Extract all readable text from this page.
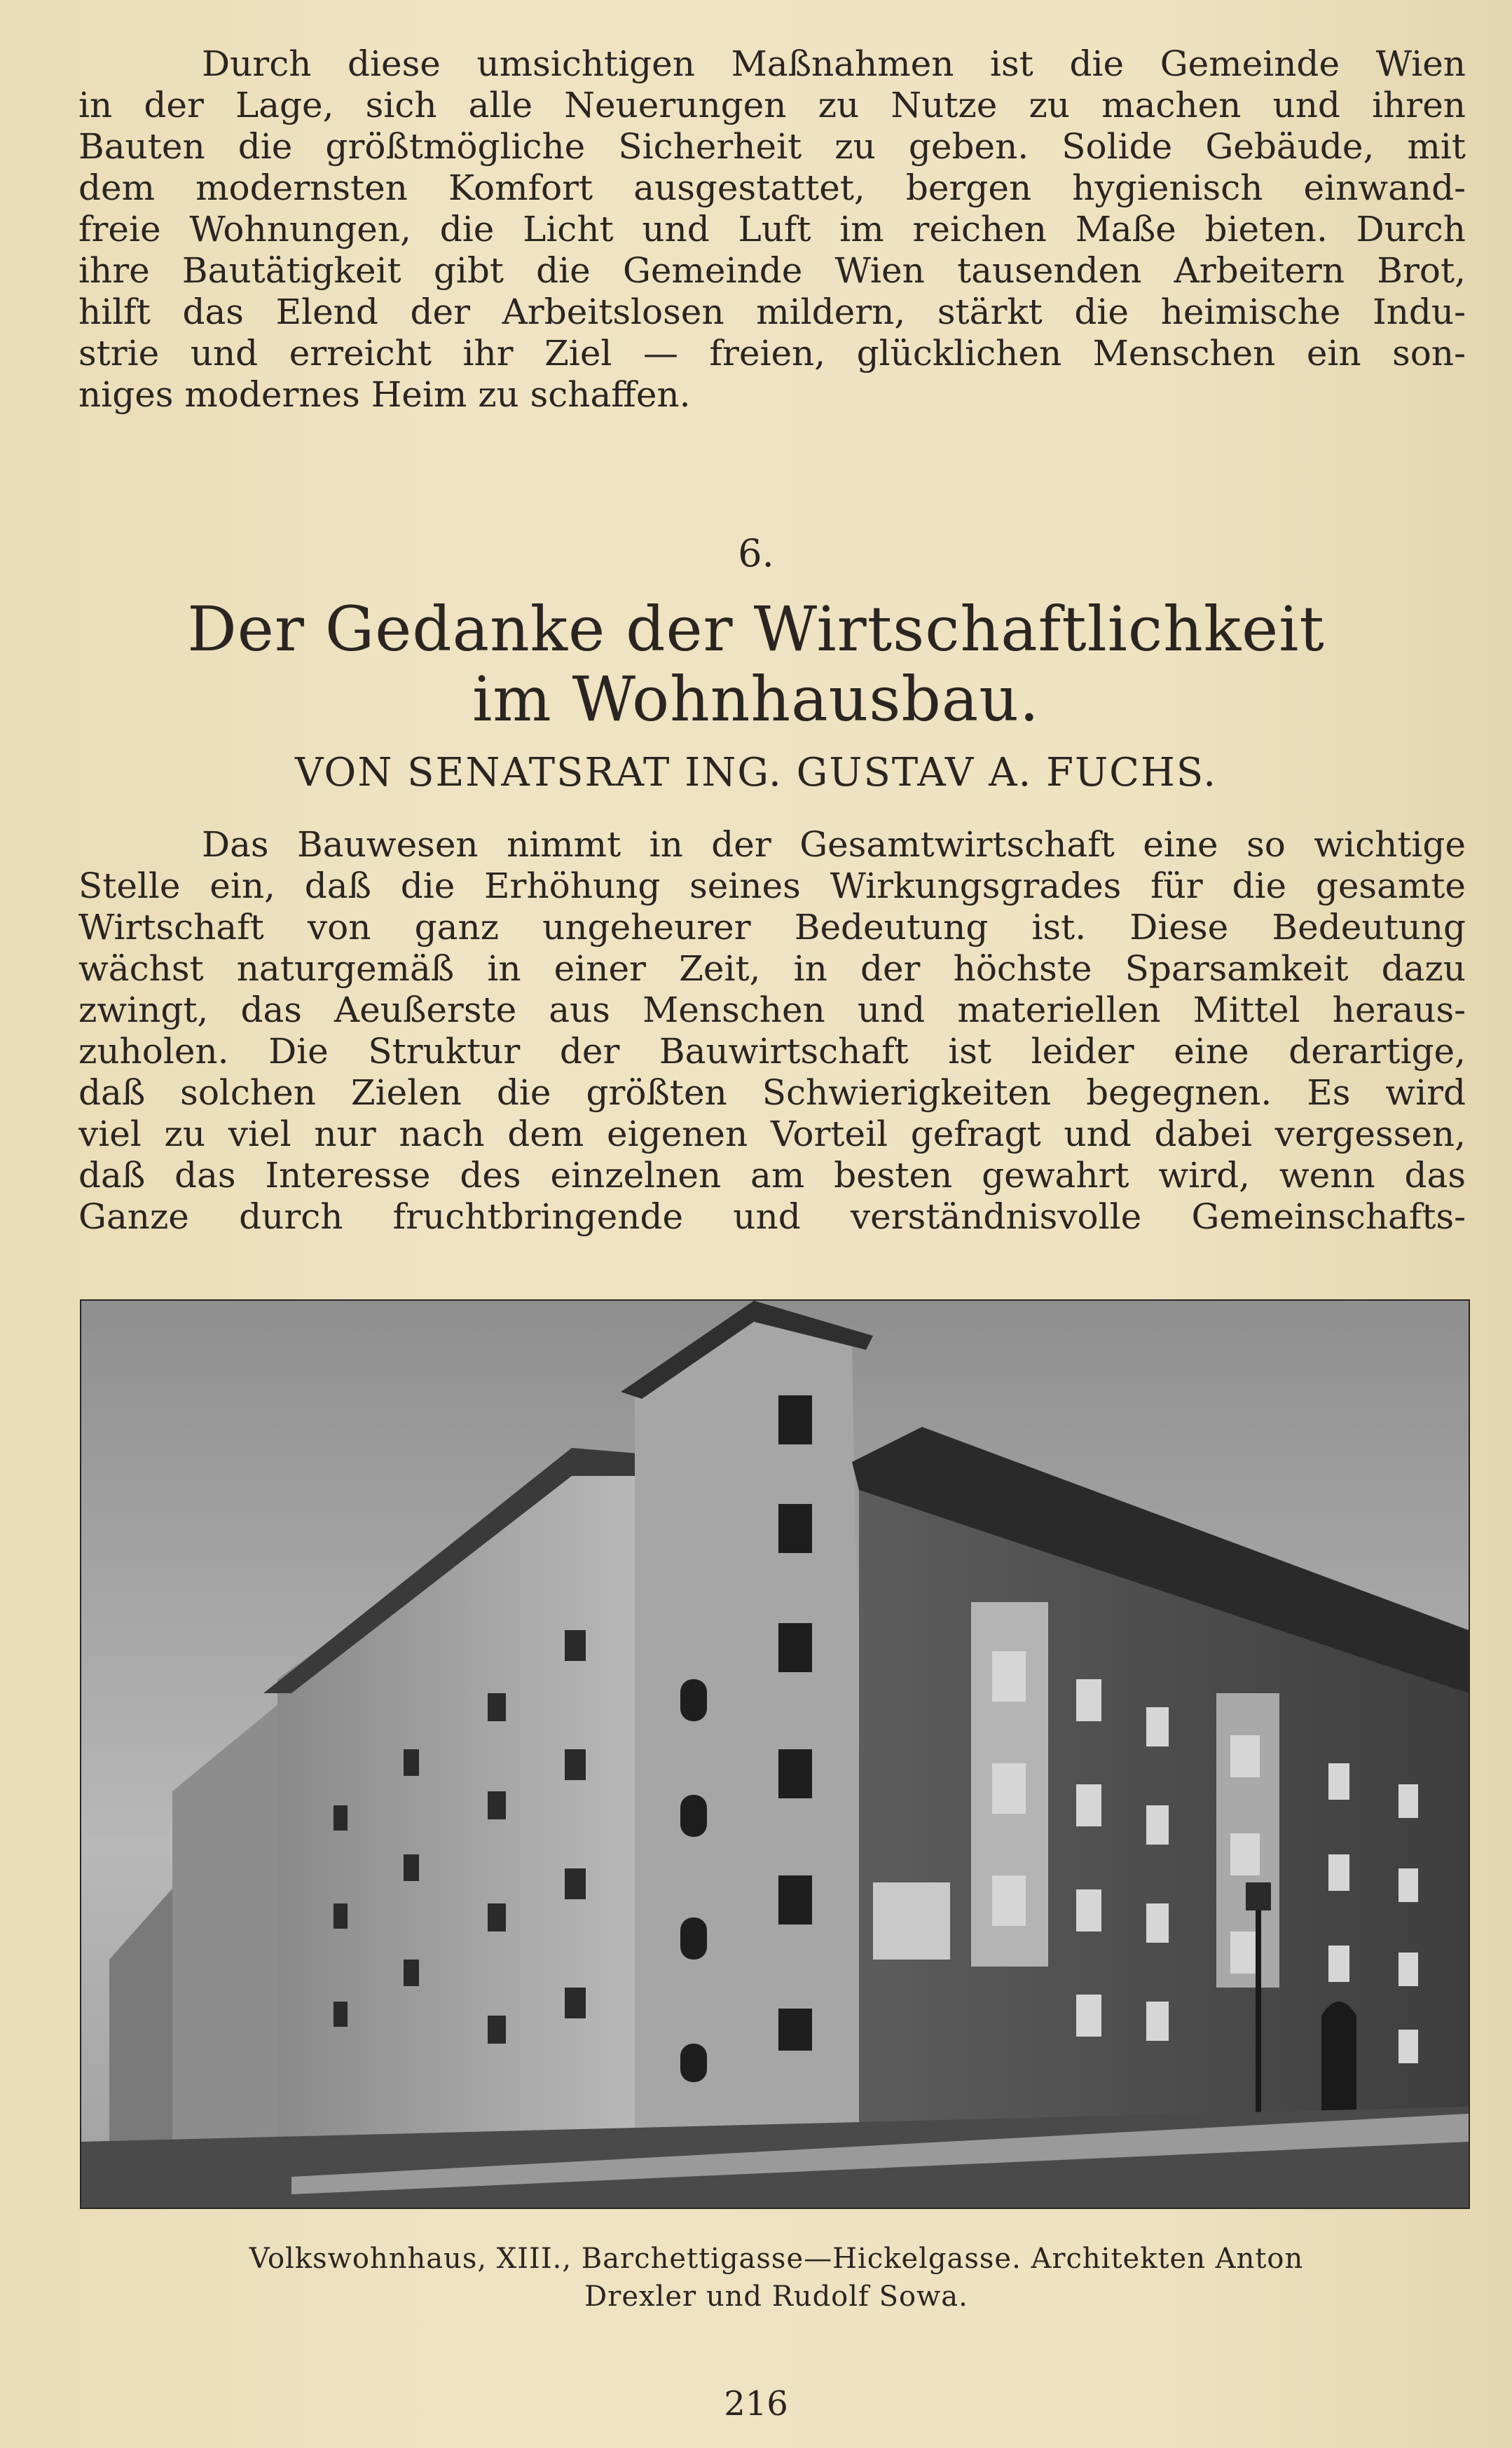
Durch diese umsichtigen Maßnahmen ist die Gemeinde Wien
in der Lage, sich alle Neuerungen zu Nutze zu machen und ihren
Bauten die größtmögliche Sicherheit zu geben. Solide Gebäude, mit
dem modernsten Komfort ausgestattet, bergen hygienisch einwand-
freie Wohnungen, die Licht und Luft im reichen Maße bieten. Durch
ihre Bautätigkeit gibt die Gemeinde Wien tausenden Arbeitern Brot,
hilft das Elend der Arbeitslosen mildern, stärkt die heimische Indu-
strie und erreicht ihr Ziel — freien, glücklichen Menschen ein son-
niges modernes Heim zu schaffen.
6.
Der Gedanke der Wirtschaftlichkeit
im Wohnhausbau.
VON SENATSRAT ING. GUSTAV A. FUCHS.
Das Bauwesen nimmt in der Gesamtwirtschaft eine so wichtige
Stelle ein, daß die Erhöhung seines Wirkungsgrades für die gesamte
Wirtschaft von ganz ungeheurer Bedeutung ist. Diese Bedeutung
wächst naturgemäß in einer Zeit, in der höchste Sparsamkeit dazu
zwingt, das Aeußerste aus Menschen und materiellen Mittel heraus-
zuholen. Die Struktur der Bauwirtschaft ist leider eine derartige,
daß solchen Zielen die größten Schwierigkeiten begegnen. Es wird
viel zu viel nur nach dem eigenen Vorteil gefragt und dabei vergessen,
daß das Interesse des einzelnen am besten gewahrt wird, wenn das
Ganze durch fruchtbringende und verständnisvolle Gemeinschafts-
Volkswohnhaus, XIII., Barchettigasse—Hickelgasse. Architekten Anton
Drexler und Rudolf Sowa.
216
